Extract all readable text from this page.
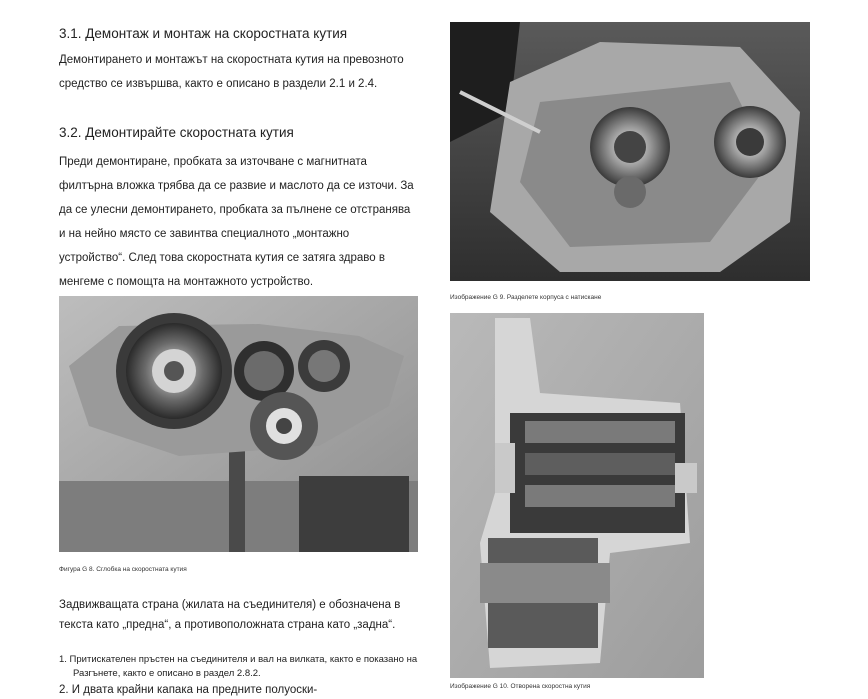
3.1. Демонтаж и монтаж на скоростната кутия
Демонтирането и монтажът на скоростната кутия на превозното
средство се извършва, както е описано в раздели 2.1 и 2.4.
3.2. Демонтирайте скоростната кутия
Преди демонтиране, пробката за източване с магнитната
филтърна вложка трябва да се развие и маслото да се източи. За
да се улесни демонтирането, пробката за пълнене се отстранява
и на нейно място се завинтва специалното „монтажно
устройство“. След това скоростната кутия се затяга здраво в
менгеме с помощта на монтажното устройство.
Фигура G 8. Сглобка на скоростната кутия
Задвижващата страна (жилата на съединителя) е обозначена в
текста като „предна“, а противоположната страна като „задна“.
1. Притискателен пръстен на съединителя и вал на вилката, както е показано на
Разгънете, както е описано в раздел 2.8.2.
2. И двата крайни капака на предните полуоски-
Изображение G 9. Разделете корпуса с натискане
Изображение G 10. Отворена скоростна кутия
